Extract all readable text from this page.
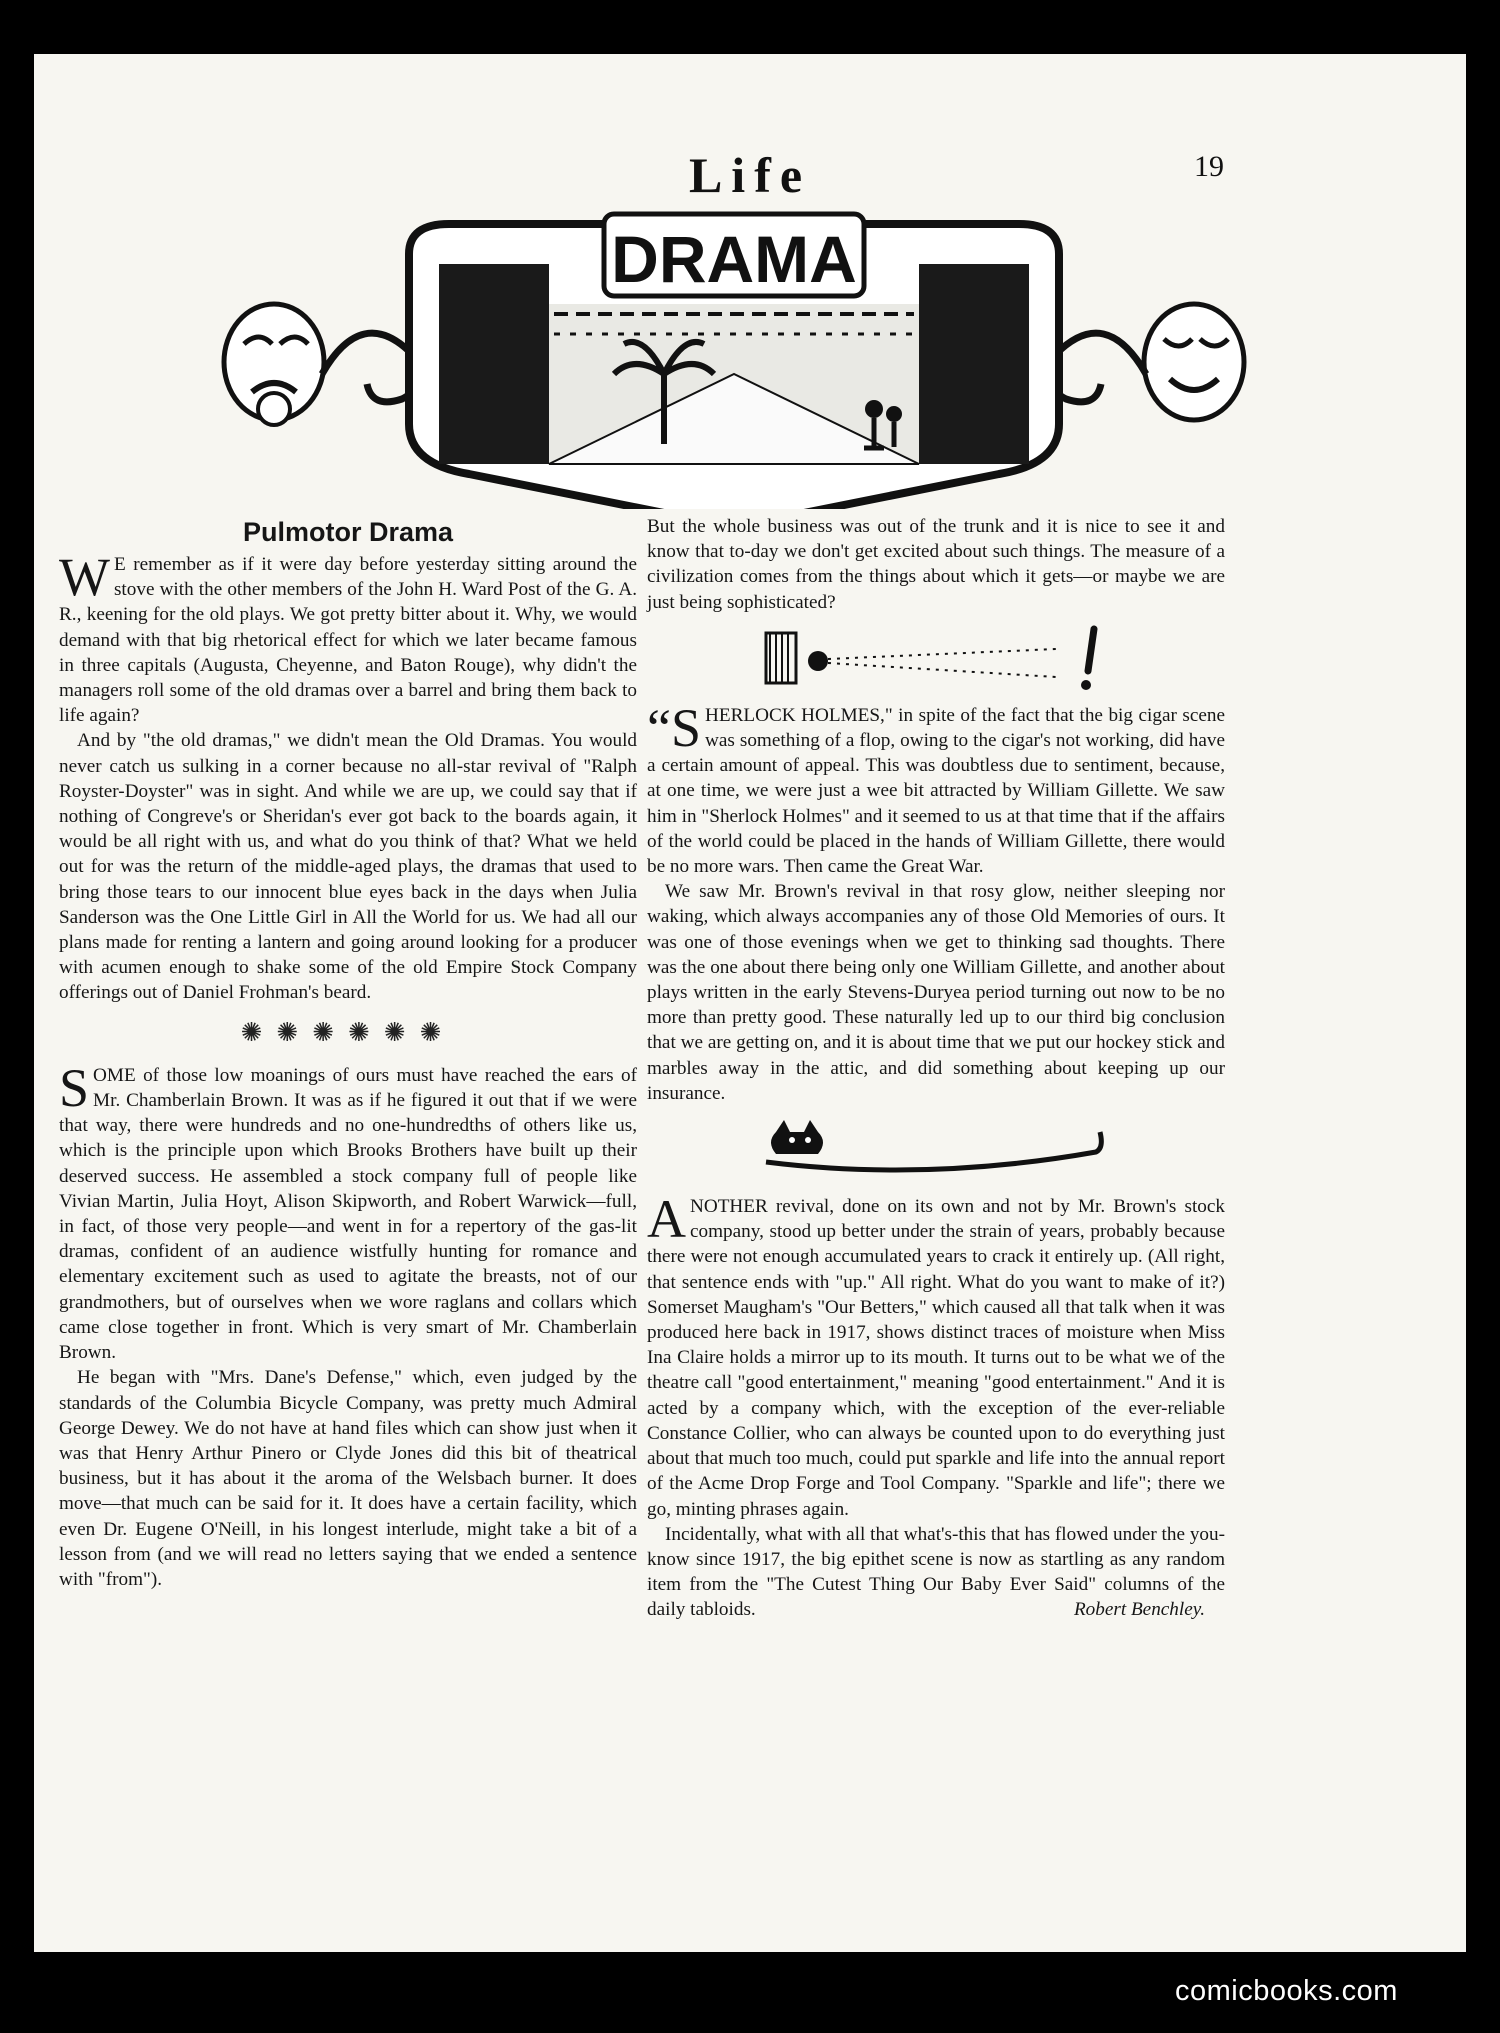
Life	19
DRAMA
Pulmotor Drama

W E remember as if it were day before yesterday sitting around the stove with the other members of the John H. Ward Post of the G. A. R., keening for the old plays. We got pretty bitter about it. Why, we would demand with that big rhetorical effect for which we later became famous in three capitals (Augusta, Cheyenne, and Baton Rouge), why didn't the managers roll some of the old dramas over a barrel and bring them back to life again?

And by "the old dramas," we didn't mean the Old Dramas. You would never catch us sulking in a corner because no all-star revival of "Ralph Royster-Doyster" was in sight. And while we are up, we could say that if nothing of Congreve's or Sheridan's ever got back to the boards again, it would be all right with us, and what do you think of that? What we held out for was the return of the middle-aged plays, the dramas that used to bring those tears to our innocent blue eyes back in the days when Julia Sanderson was the One Little Girl in All the World for us. We had all our plans made for renting a lantern and going around looking for a producer with acumen enough to shake some of the old Empire Stock Company offerings out of Daniel Frohman's beard.

✺✺✺✺✺✺

SOME of those low moanings of ours must have reached the ears of Mr. Chamberlain Brown. It was as if he figured it out that if we were that way, there were hundreds and no one-hundredths of others like us, which is the principle upon which Brooks Brothers have built up their deserved success. He assembled a stock company full of people like Vivian Martin, Julia Hoyt, Alison Skipworth, and Robert Warwick—full, in fact, of those very people—and went in for a repertory of the gas-lit dramas, confident of an audience wistfully hunting for romance and elementary excitement such as used to agitate the breasts, not of our grandmothers, but of ourselves when we wore raglans and collars which came close together in front. Which is very smart of Mr. Chamberlain Brown.

He began with "Mrs. Dane's Defense," which, even judged by the standards of the Columbia Bicycle Company, was pretty much Admiral George Dewey. We do not have at hand files which can show just when it was that Henry Arthur Pinero or Clyde Jones did this bit of theatrical business, but it has about it the aroma of the Welsbach burner. It does move—that much can be said for it. It does have a certain facility, which even Dr. Eugene O'Neill, in his longest interlude, might take a bit of a lesson from (and we will read no letters saying that we ended a sentence with "from").

But the whole business was out of the trunk and it is nice to see it and know that to-day we don't get excited about such things. The measure of a civilization comes from the things about which it gets—or maybe we are just being sophisticated?

“SHERLOCK HOLMES," in spite of the fact that the big cigar scene was something of a flop, owing to the cigar's not working, did have a certain amount of appeal. This was doubtless due to sentiment, because, at one time, we were just a wee bit attracted by William Gillette. We saw him in "Sherlock Holmes" and it seemed to us at that time that if the affairs of the world could be placed in the hands of William Gillette, there would be no more wars. Then came the Great War.

We saw Mr. Brown's revival in that rosy glow, neither sleeping nor waking, which always accompanies any of those Old Memories of ours. It was one of those evenings when we get to thinking sad thoughts. There was the one about there being only one William Gillette, and another about plays written in the early Stevens-Duryea period turning out now to be no more than pretty good. These naturally led up to our third big conclusion that we are getting on, and it is about time that we put our hockey stick and marbles away in the attic, and did something about keeping up our insurance.

ANOTHER revival, done on its own and not by Mr. Brown's stock company, stood up better under the strain of years, probably because there were not enough accumulated years to crack it entirely up. (All right, that sentence ends with "up." All right. What do you want to make of it?) Somerset Maugham's "Our Betters," which caused all that talk when it was produced here back in 1917, shows distinct traces of moisture when Miss Ina Claire holds a mirror up to its mouth. It turns out to be what we of the theatre call "good entertainment," meaning "good entertainment." And it is acted by a company which, with the exception of the ever-reliable Constance Collier, who can always be counted upon to do everything just about that much too much, could put sparkle and life into the annual report of the Acme Drop Forge and Tool Company. "Sparkle and life"; there we go, minting phrases again.

Incidentally, what with all that what's-this that has flowed under the you-know since 1917, the big epithet scene is now as startling as any random item from the "The Cutest Thing Our Baby Ever Said" columns of the daily tabloids.	Robert Benchley.

comicbooks.com
